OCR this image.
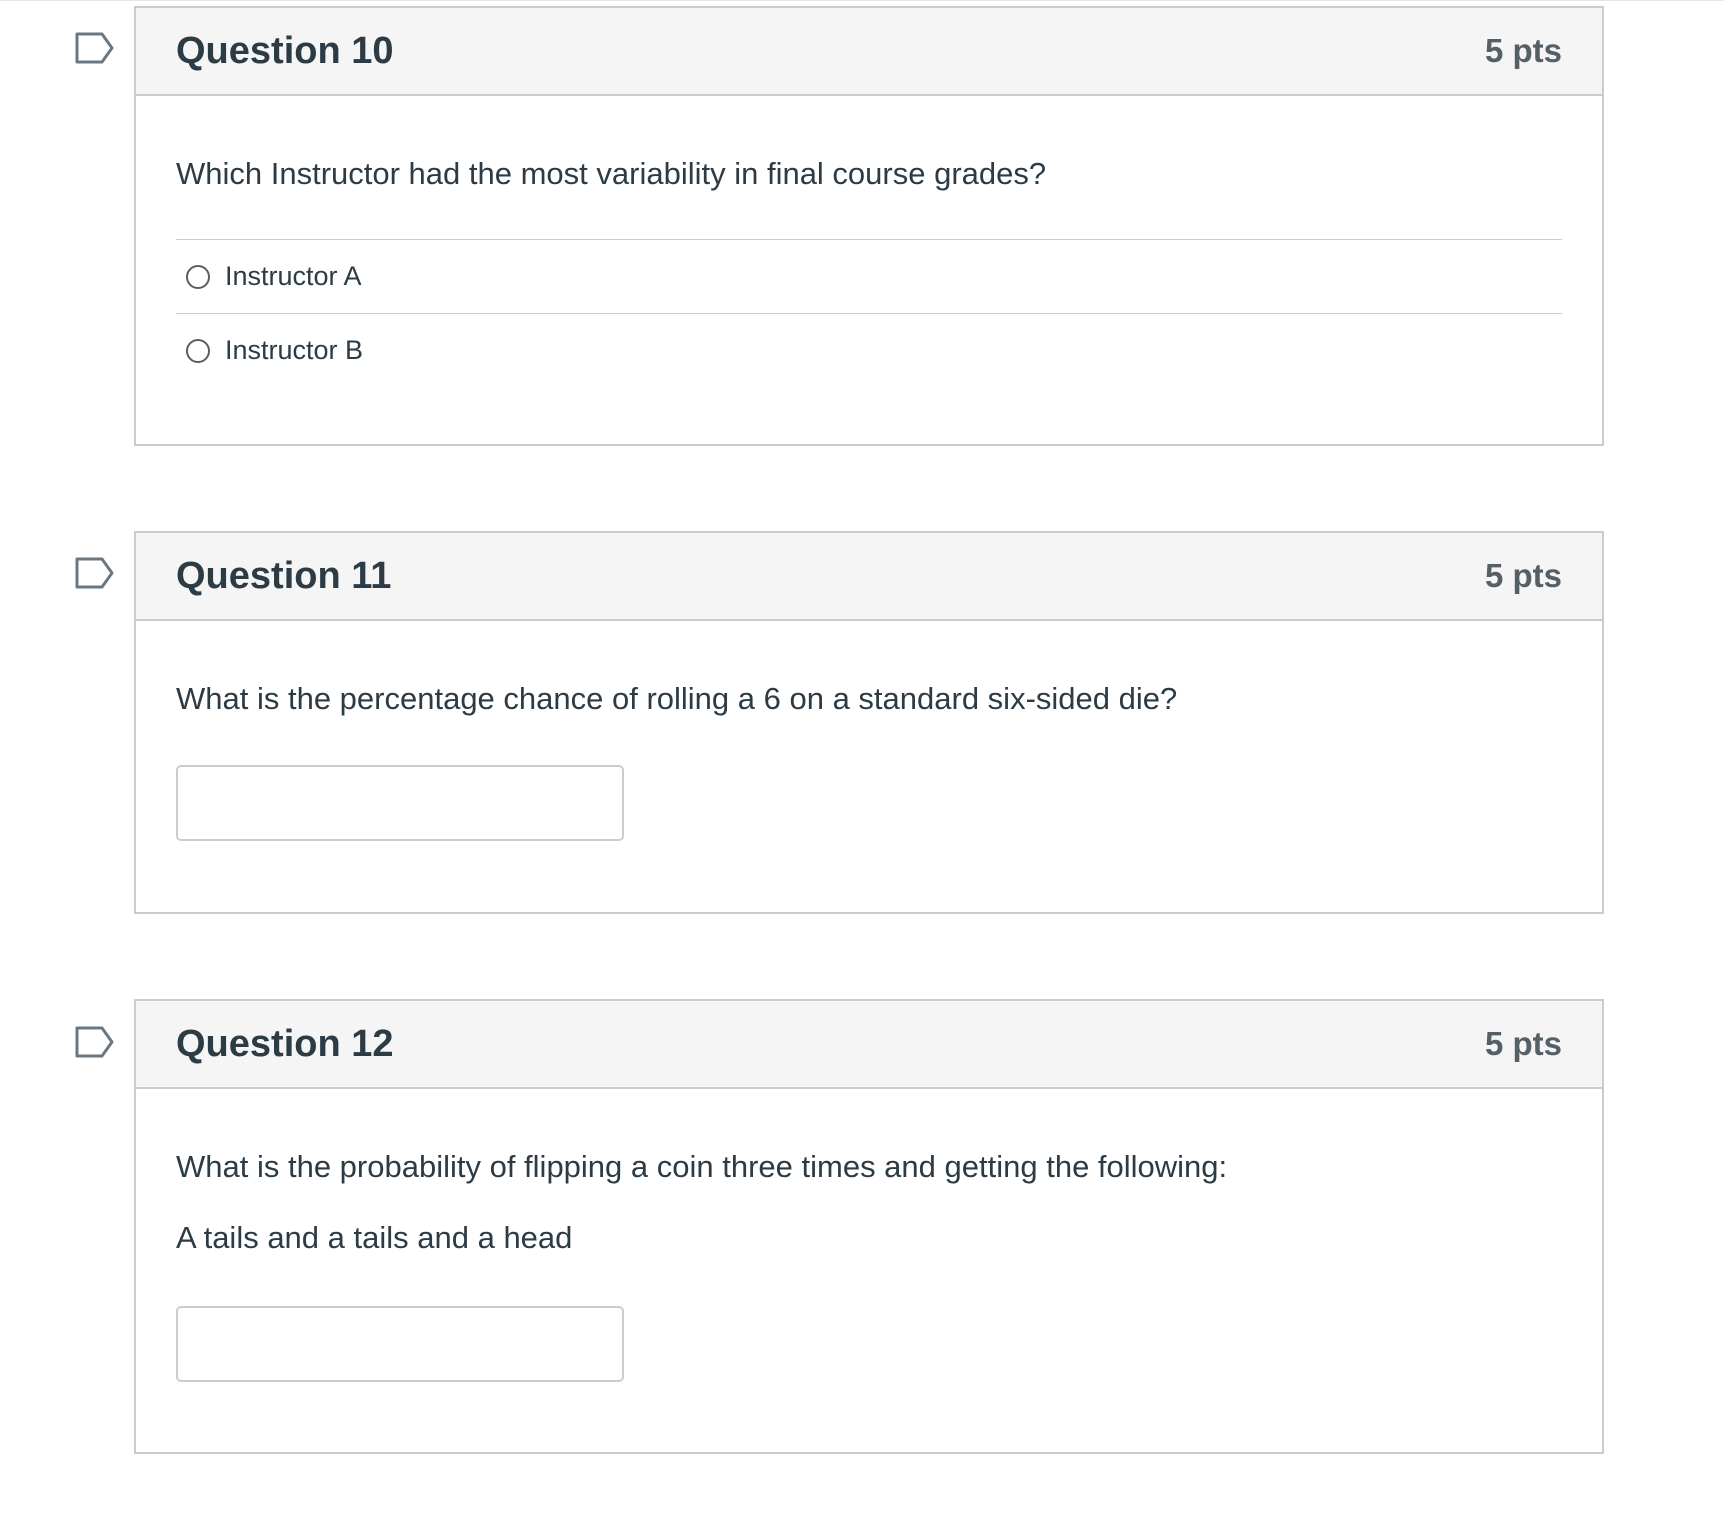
Question 10	5 pts

Which Instructor had the most variability in final course grades?

Instructor A
Instructor B
Question 11	5 pts

What is the percentage chance of rolling a 6 on a standard six-sided die?

Question 12	5 pts

What is the probability of flipping a coin three times and getting the following:

A tails and a tails and a head
